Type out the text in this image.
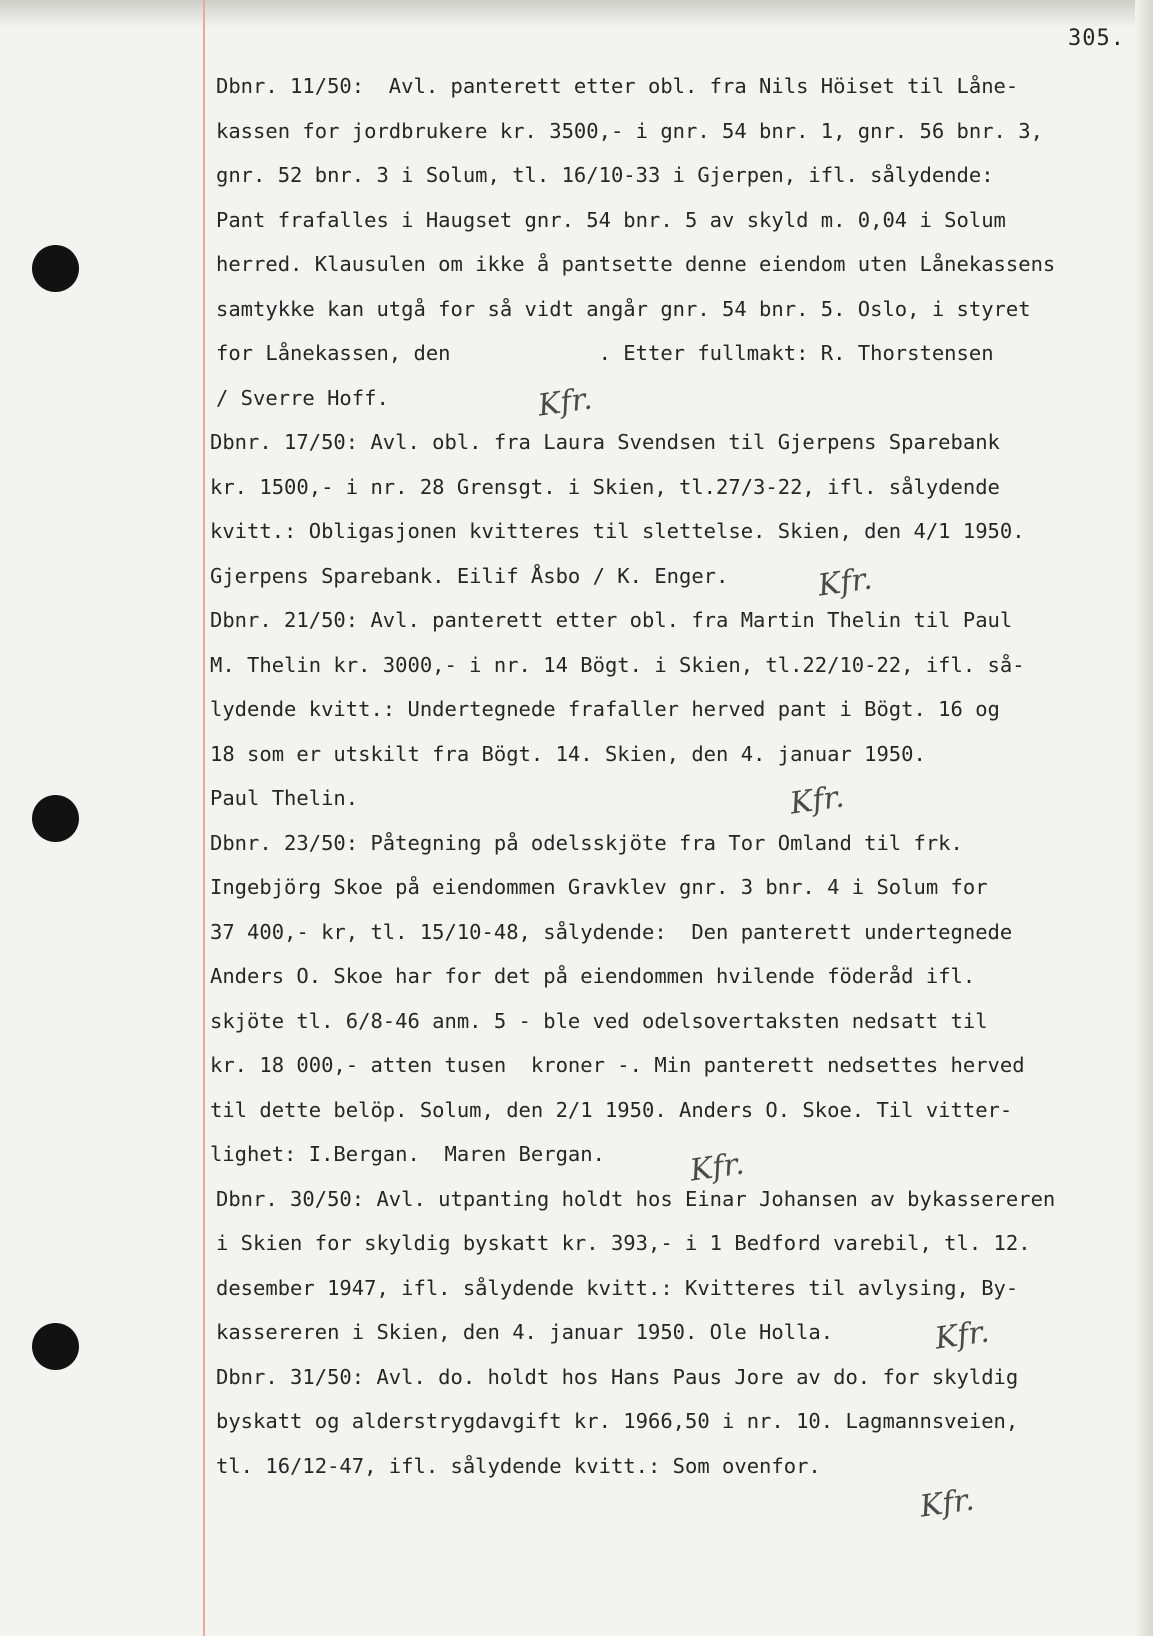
305.
Dbnr. 11/50:  Avl. panterett etter obl. fra Nils Höiset til Låne-
kassen for jordbrukere kr. 3500,- i gnr. 54 bnr. 1, gnr. 56 bnr. 3,
gnr. 52 bnr. 3 i Solum, tl. 16/10-33 i Gjerpen, ifl. sålydende:
Pant frafalles i Haugset gnr. 54 bnr. 5 av skyld m. 0,04 i Solum
herred. Klausulen om ikke å pantsette denne eiendom uten Lånekassens
samtykke kan utgå for så vidt angår gnr. 54 bnr. 5. Oslo, i styret
for Lånekassen, den            . Etter fullmakt: R. Thorstensen
/ Sverre Hoff.
Dbnr. 17/50: Avl. obl. fra Laura Svendsen til Gjerpens Sparebank
kr. 1500,- i nr. 28 Grensgt. i Skien, tl.27/3-22, ifl. sålydende
kvitt.: Obligasjonen kvitteres til slettelse. Skien, den 4/1 1950.
Gjerpens Sparebank. Eilif Åsbo / K. Enger.
Dbnr. 21/50: Avl. panterett etter obl. fra Martin Thelin til Paul
M. Thelin kr. 3000,- i nr. 14 Bögt. i Skien, tl.22/10-22, ifl. så-
lydende kvitt.: Undertegnede frafaller herved pant i Bögt. 16 og
18 som er utskilt fra Bögt. 14. Skien, den 4. januar 1950.
Paul Thelin.
Dbnr. 23/50: Påtegning på odelsskjöte fra Tor Omland til frk.
Ingebjörg Skoe på eiendommen Gravklev gnr. 3 bnr. 4 i Solum for
37 400,- kr, tl. 15/10-48, sålydende:  Den panterett undertegnede
Anders O. Skoe har for det på eiendommen hvilende föderåd ifl.
skjöte tl. 6/8-46 anm. 5 - ble ved odelsovertaksten nedsatt til
kr. 18 000,- atten tusen  kroner -. Min panterett nedsettes herved
til dette belöp. Solum, den 2/1 1950. Anders O. Skoe. Til vitter-
lighet: I.Bergan.  Maren Bergan.
Dbnr. 30/50: Avl. utpanting holdt hos Einar Johansen av bykassereren
i Skien for skyldig byskatt kr. 393,- i 1 Bedford varebil, tl. 12.
desember 1947, ifl. sålydende kvitt.: Kvitteres til avlysing, By-
kassereren i Skien, den 4. januar 1950. Ole Holla.
Dbnr. 31/50: Avl. do. holdt hos Hans Paus Jore av do. for skyldig
byskatt og alderstrygdavgift kr. 1966,50 i nr. 10. Lagmannsveien,
tl. 16/12-47, ifl. sålydende kvitt.: Som ovenfor.
Kfr.
Kfr.
Kfr.
Kfr.
Kfr.
Kfr.
